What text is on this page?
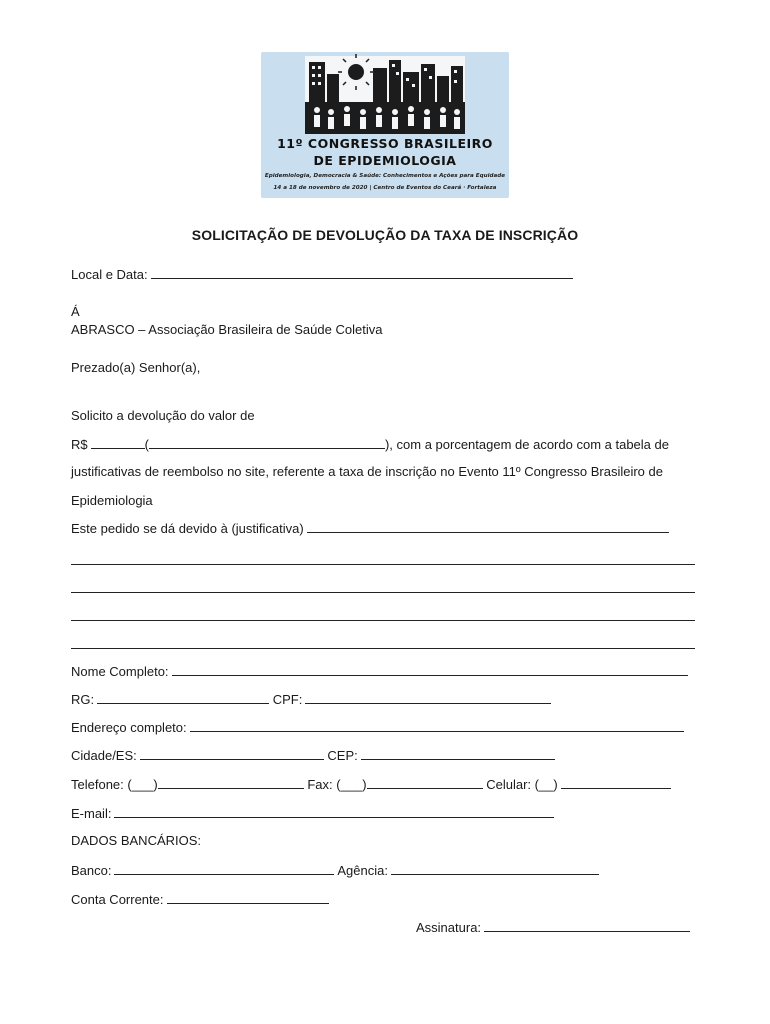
11º CONGRESSO BRASILEIRO
DE EPIDEMIOLOGIA
Epidemiologia, Democracia & Saúde: Conhecimentos e Ações para Equidade
14 a 18 de novembro de 2020 | Centro de Eventos do Ceará · Fortaleza
SOLICITAÇÃO DE DEVOLUÇÃO DA TAXA DE INSCRIÇÃO
Local e Data:
Á
ABRASCO – Associação Brasileira de Saúde Coletiva
Prezado(a) Senhor(a),
Solicito a devolução do valor de
R$	(	), com a porcentagem de acordo com a tabela de
justificativas de reembolso no site, referente a taxa de inscrição no Evento 11º Congresso Brasileiro de
Epidemiologia
Este pedido se dá devido à (justificativa)
Nome Completo:
RG:	CPF:
Endereço completo:
Cidade/ES:	CEP:
Telefone: (___)	Fax: (___)	Celular: (__)
E-mail:
DADOS BANCÁRIOS:
Banco:	Agência:
Conta Corrente:
Assinatura:
